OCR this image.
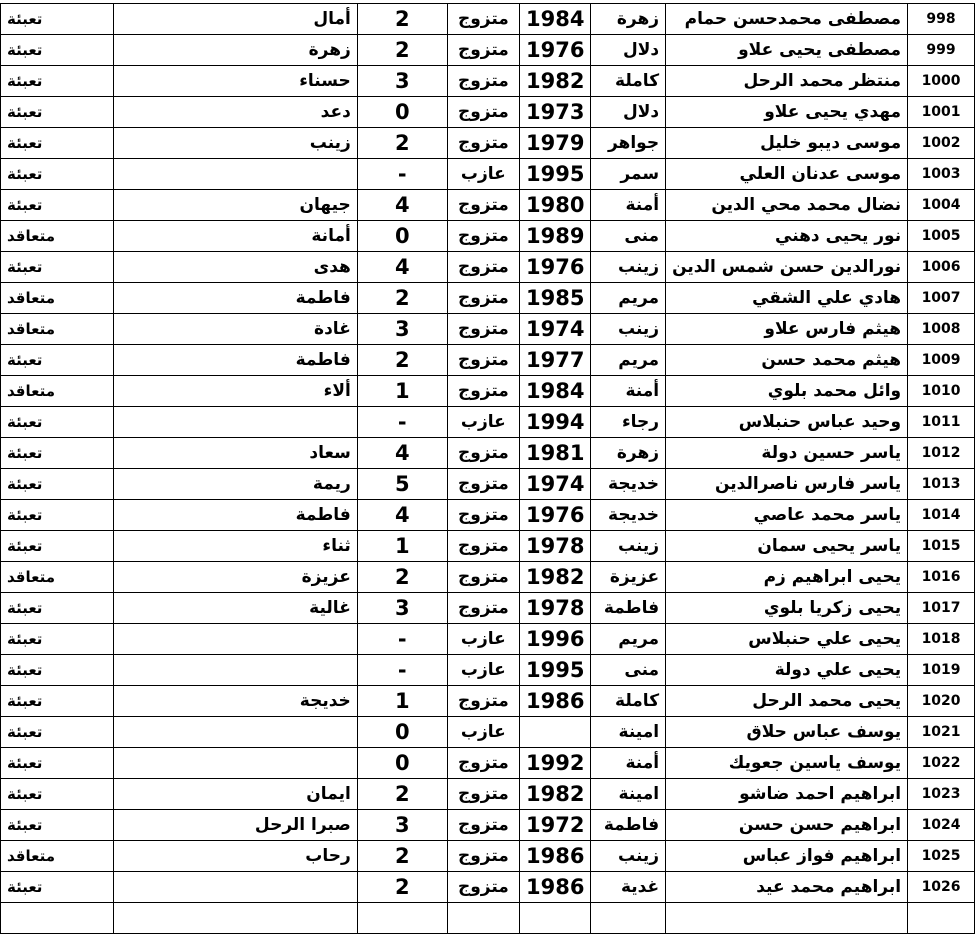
تعبئة	أمال	2	متزوج	1984	زهرة	مصطفى محمدحسن حمام	998
تعبئة	زهرة	2	متزوج	1976	دلال	مصطفى يحيى علاو	999
تعبئة	حسناء	3	متزوج	1982	كاملة	منتظر محمد الرحل	1000
تعبئة	دعد	0	متزوج	1973	دلال	مهدي يحيى علاو	1001
تعبئة	زينب	2	متزوج	1979	جواهر	موسى ديبو خليل	1002
تعبئة		-	عازب	1995	سمر	موسى عدنان العلي	1003
تعبئة	جيهان	4	متزوج	1980	أمنة	نضال محمد محي الدين	1004
متعاقد	أمانة	0	متزوج	1989	منى	نور يحيى دهني	1005
تعبئة	هدى	4	متزوج	1976	زينب	نورالدين حسن شمس الدين	1006
متعاقد	فاطمة	2	متزوج	1985	مريم	هادي علي الشقي	1007
متعاقد	غادة	3	متزوج	1974	زينب	هيثم فارس علاو	1008
تعبئة	فاطمة	2	متزوج	1977	مريم	هيثم محمد حسن	1009
متعاقد	ألاء	1	متزوج	1984	أمنة	وائل محمد بلوي	1010
تعبئة		-	عازب	1994	رجاء	وحيد عباس حنبلاس	1011
تعبئة	سعاد	4	متزوج	1981	زهرة	ياسر حسين دولة	1012
تعبئة	ريمة	5	متزوج	1974	خديجة	ياسر فارس ناصرالدين	1013
تعبئة	فاطمة	4	متزوج	1976	خديجة	ياسر محمد عاصي	1014
تعبئة	ثناء	1	متزوج	1978	زينب	ياسر يحيى سمان	1015
متعاقد	عزيزة	2	متزوج	1982	عزيزة	يحيى ابراهيم زم	1016
تعبئة	غالية	3	متزوج	1978	فاطمة	يحيى زكريا بلوي	1017
تعبئة		-	عازب	1996	مريم	يحيى علي حنبلاس	1018
تعبئة		-	عازب	1995	منى	يحيى علي دولة	1019
تعبئة	خديجة	1	متزوج	1986	كاملة	يحيى محمد الرحل	1020
تعبئة		0	عازب		امينة	يوسف عباس حلاق	1021
تعبئة		0	متزوج	1992	أمنة	يوسف ياسين جعويك	1022
تعبئة	ايمان	2	متزوج	1982	امينة	ابراهيم احمد ضاشو	1023
تعبئة	صبرا الرحل	3	متزوج	1972	فاطمة	ابراهيم حسن حسن	1024
متعاقد	رحاب	2	متزوج	1986	زينب	ابراهيم فواز عباس	1025
تعبئة		2	متزوج	1986	غدية	ابراهيم محمد عيد	1026
